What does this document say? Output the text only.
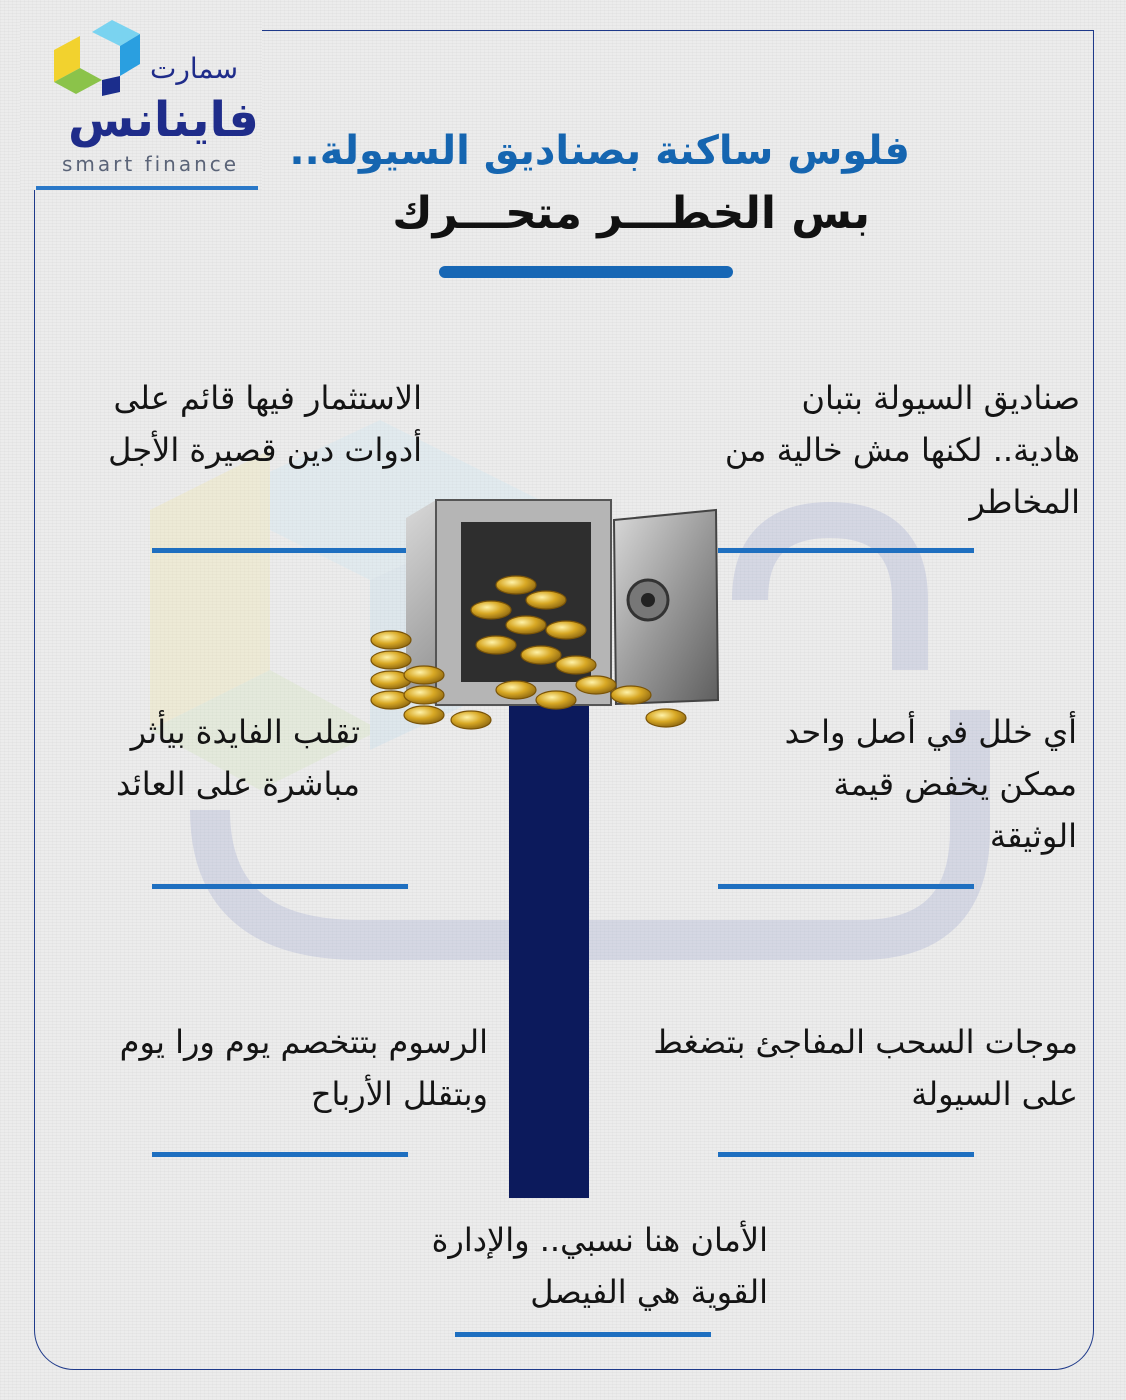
سمارت
فاينانس
smart finance	فلوس ساكنة بصناديق السيولة..
بس الخطـــر متحـــرك
صناديق السيولة بتبان هادية.. لكنها مش خالية من المخاطر
الاستثمار فيها قائم على أدوات دين قصيرة الأجل
أي خلل في أصل واحد ممكن يخفض قيمة الوثيقة
تقلب الفايدة بيأثر مباشرة على العائد
موجات السحب المفاجئ بتضغط على السيولة
الرسوم بتتخصم يوم ورا يوم وبتقلل الأرباح
الأمان هنا نسبي.. والإدارة القوية هي الفيصل
